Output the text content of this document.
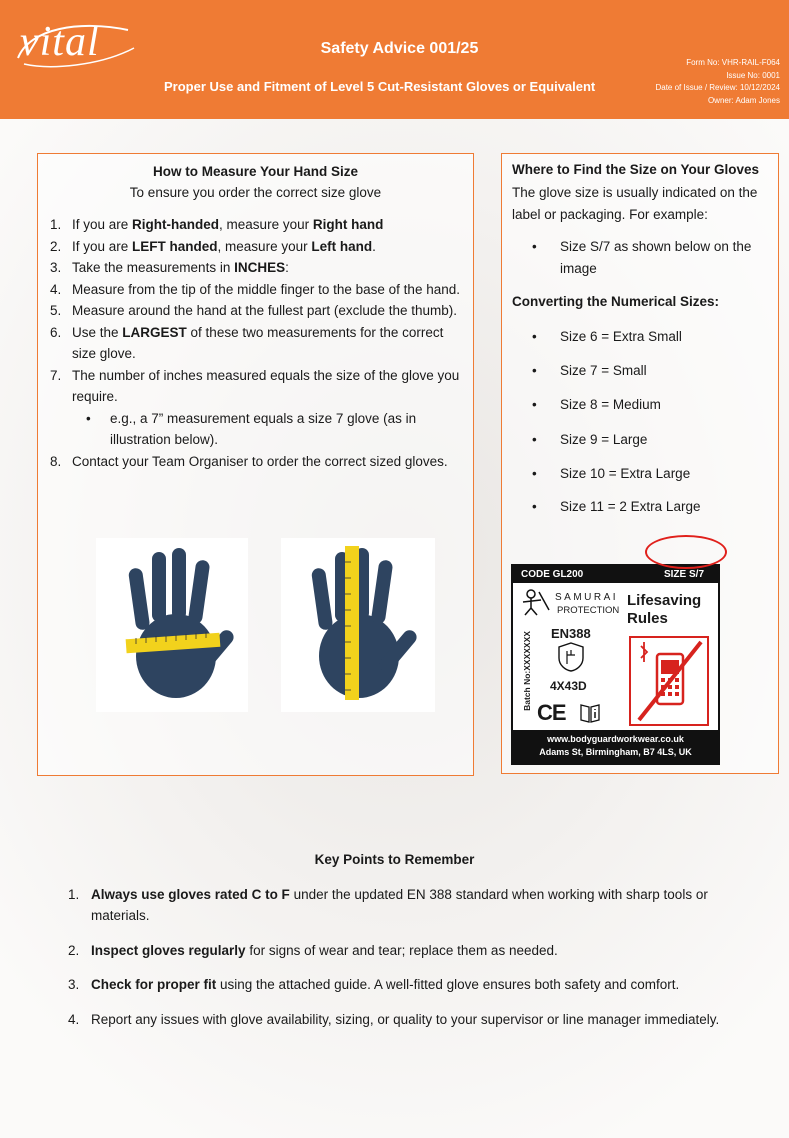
vital	Safety Advice 001/25
Proper Use and Fitment of Level 5 Cut-Resistant Gloves or Equivalent
Form No: VHR-RAIL-F064
Issue No: 0001
Date of Issue / Review: 10/12/2024
Owner: Adam Jones
How to Measure Your Hand Size
To ensure you order the correct size glove
1. If you are Right-handed, measure your Right hand
2. If you are LEFT handed, measure your Left hand.
3. Take the measurements in INCHES:
4. Measure from the tip of the middle finger to the base of the hand.
5. Measure around the hand at the fullest part (exclude the thumb).
6. Use the LARGEST of these two measurements for the correct size glove.
7. The number of inches measured equals the size of the glove you require.
• e.g., a 7” measurement equals a size 7 glove (as in illustration below).
8. Contact your Team Organiser to order the correct sized gloves.
Where to Find the Size on Your Gloves
The glove size is usually indicated on the label or packaging. For example:
• Size S/7 as shown below on the image
Converting the Numerical Sizes:
• Size 6 = Extra Small
• Size 7 = Small
• Size 8 = Medium
• Size 9 = Large
• Size 10 = Extra Large
• Size 11 = 2 Extra Large
CODE GL200	SIZE S/7
SAMURAI
PROTECTION
EN388
4X43D
Batch No:XXXXXXX
CE
Lifesaving Rules
www.bodyguardworkwear.co.uk
Adams St, Birmingham, B7 4LS, UK
Key Points to Remember
1. Always use gloves rated C to F under the updated EN 388 standard when working with sharp tools or materials.
2. Inspect gloves regularly for signs of wear and tear; replace them as needed.
3. Check for proper fit using the attached guide. A well-fitted glove ensures both safety and comfort.
4. Report any issues with glove availability, sizing, or quality to your supervisor or line manager immediately.
